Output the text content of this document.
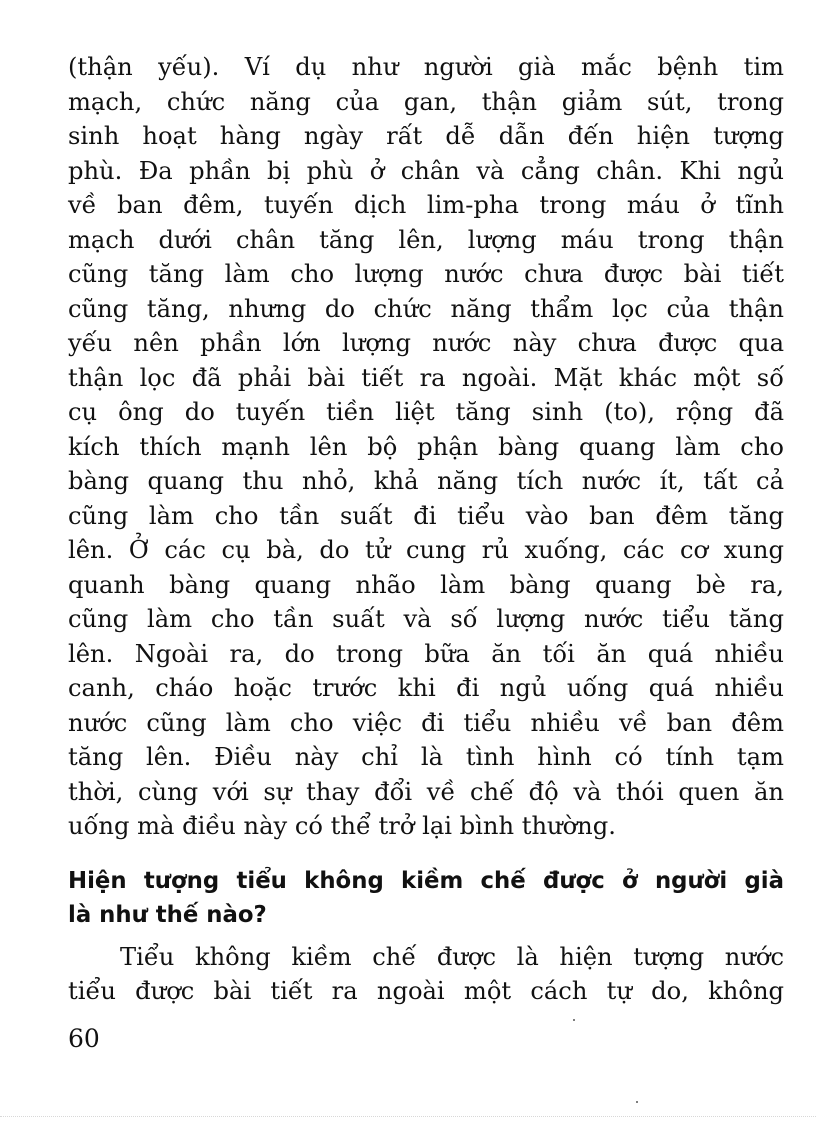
(thận yếu). Ví dụ như người già mắc bệnh tim
mạch, chức năng của gan, thận giảm sút, trong
sinh hoạt hàng ngày rất dễ dẫn đến hiện tượng
phù. Đa phần bị phù ở chân và cẳng chân. Khi ngủ
về ban đêm, tuyến dịch lim-pha trong máu ở tĩnh
mạch dưới chân tăng lên, lượng máu trong thận
cũng tăng làm cho lượng nước chưa được bài tiết
cũng tăng, nhưng do chức năng thẩm lọc của thận
yếu nên phần lớn lượng nước này chưa được qua
thận lọc đã phải bài tiết ra ngoài. Mặt khác một số
cụ ông do tuyến tiền liệt tăng sinh (to), rộng đã
kích thích mạnh lên bộ phận bàng quang làm cho
bàng quang thu nhỏ, khả năng tích nước ít, tất cả
cũng làm cho tần suất đi tiểu vào ban đêm tăng
lên. Ở các cụ bà, do tử cung rủ xuống, các cơ xung
quanh bàng quang nhão làm bàng quang bè ra,
cũng làm cho tần suất và số lượng nước tiểu tăng
lên. Ngoài ra, do trong bữa ăn tối ăn quá nhiều
canh, cháo hoặc trước khi đi ngủ uống quá nhiều
nước cũng làm cho việc đi tiểu nhiều về ban đêm
tăng lên. Điều này chỉ là tình hình có tính tạm
thời, cùng với sự thay đổi về chế độ và thói quen ăn
uống mà điều này có thể trở lại bình thường.
Hiện tượng tiểu không kiềm chế được ở người già
là như thế nào?
Tiểu không kiềm chế được là hiện tượng nước
tiểu được bài tiết ra ngoài một cách tự do, không
60
